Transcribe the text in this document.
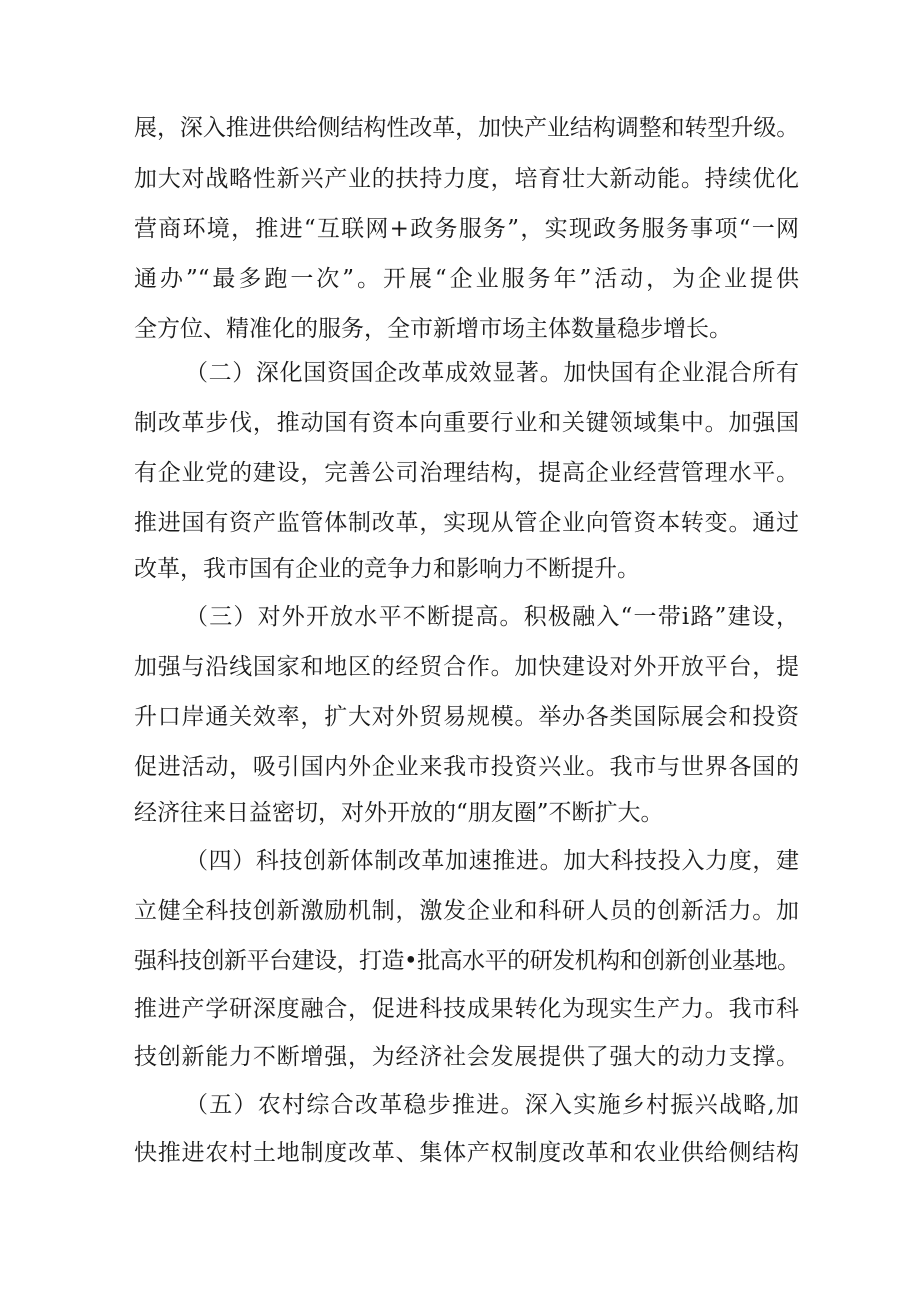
展，深入推进供给侧结构性改革，加快产业结构调整和转型升级。
加大对战略性新兴产业的扶持力度，培育壮大新动能。持续优化
营商环境，推进“互联网+政务服务”，实现政务服务事项“一网
通办”“最多跑一次”。开展“企业服务年”活动，为企业提供
全方位、精准化的服务，全市新增市场主体数量稳步增长。
（二）深化国资国企改革成效显著。加快国有企业混合所有
制改革步伐，推动国有资本向重要行业和关键领域集中。加强国
有企业党的建设，完善公司治理结构，提高企业经营管理水平。
推进国有资产监管体制改革，实现从管企业向管资本转变。通过
改革，我市国有企业的竞争力和影响力不断提升。
（三）对外开放水平不断提高。积极融入“一带i路”建设，
加强与沿线国家和地区的经贸合作。加快建设对外开放平台，提
升口岸通关效率，扩大对外贸易规模。举办各类国际展会和投资
促进活动，吸引国内外企业来我市投资兴业。我市与世界各国的
经济往来日益密切，对外开放的“朋友圈”不断扩大。
（四）科技创新体制改革加速推进。加大科技投入力度，建
立健全科技创新激励机制，激发企业和科研人员的创新活力。加
强科技创新平台建设，打造•批高水平的研发机构和创新创业基地。
推进产学研深度融合，促进科技成果转化为现实生产力。我市科
技创新能力不断增强，为经济社会发展提供了强大的动力支撑。
（五）农村综合改革稳步推进。深入实施乡村振兴战略,加
快推进农村土地制度改革、集体产权制度改革和农业供给侧结构
